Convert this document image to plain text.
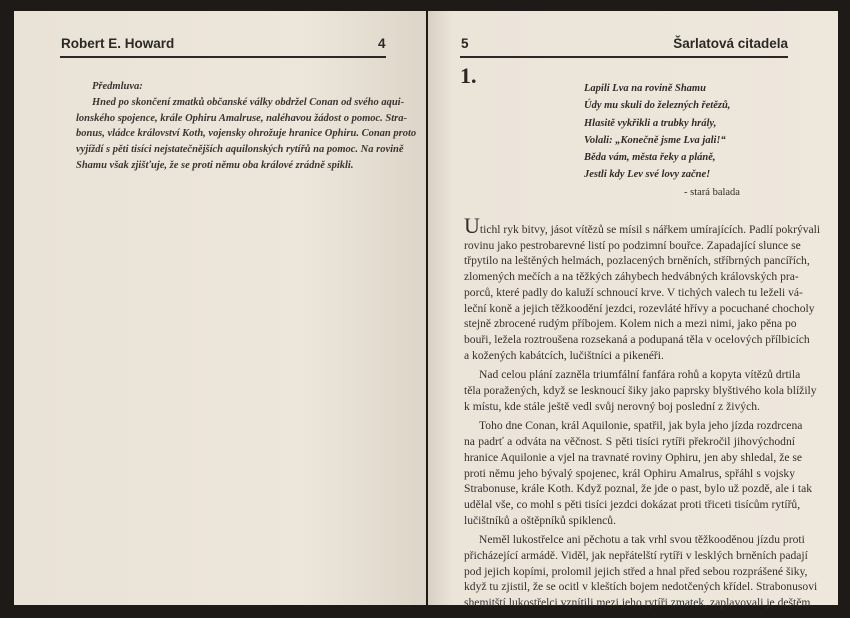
Robert E. Howard	4
Předmluva:
Hned po skončení zmatků občanské války obdržel Conan od svého aqui-
lonského spojence, krále Ophiru Amalruse, naléhavou žádost o pomoc. Stra-
bonus, vládce království Koth, vojensky ohrožuje hranice Ophiru. Conan proto
vyjíždí s pěti tisíci nejstatečnějších aquilonských rytířů na pomoc. Na rovině
Shamu však zjišťuje, že se proti němu oba králové zrádně spikli.
5	Šarlatová citadela
1.
Lapili Lva na rovině Shamu
Údy mu skuli do železných řetězů,
Hlasitě vykřikli a trubky hrály,
Volali: „Konečně jsme Lva jali!“
Běda vám, města řeky a pláně,
Jestli kdy Lev své lovy začne!
- stará balada
Utichl ryk bitvy, jásot vítězů se mísil s nářkem umírajících. Padlí pokrývali
rovinu jako pestrobarevné listí po podzimní bouřce. Zapadající slunce se
třpytilo na leštěných helmách, pozlacených brněních, stříbrných pancířích,
zlomených mečích a na těžkých záhybech hedvábných královských pra-
porců, které padly do kaluží schnoucí krve. V tichých valech tu leželi vá-
leční koně a jejich těžkoodění jezdci, rozevláté hřívy a pocuchané chocholy
stejně zbrocené rudým příbojem. Kolem nich a mezi nimi, jako pěna po
bouři, ležela roztroušena rozsekaná a podupaná těla v ocelových přílbicích
a kožených kabátcích, lučištníci a pikenéři.
Nad celou plání zazněla triumfální fanfára rohů a kopyta vítězů drtila
těla poražených, když se lesknoucí šiky jako paprsky blyštivého kola blížily
k místu, kde stále ještě vedl svůj nerovný boj poslední z živých.
Toho dne Conan, král Aquilonie, spatřil, jak byla jeho jízda rozdrcena
na padrť a odváta na věčnost. S pěti tisíci rytíři překročil jihovýchodní
hranice Aquilonie a vjel na travnaté roviny Ophiru, jen aby shledal, že se
proti němu jeho bývalý spojenec, král Ophiru Amalrus, spřáhl s vojsky
Strabonuse, krále Koth. Když poznal, že jde o past, bylo už pozdě, ale i tak
udělal vše, co mohl s pěti tisíci jezdci dokázat proti třiceti tisícům rytířů,
lučištníků a oštěpníků spiklenců.
Neměl lukostřelce ani pěchotu a tak vrhl svou těžkooděnou jízdu proti
přicházející armádě. Viděl, jak nepřátelští rytíři v lesklých brněních padají
pod jejich kopími, prolomil jejich střed a hnal před sebou rozprášené šiky,
když tu zjistil, že se ocitl v kleštích bojem nedotčených křídel. Strabonusovi
shemitští lukostřelci vznítili mezi jeho rytíři zmatek, zaplavovali je deštěm
